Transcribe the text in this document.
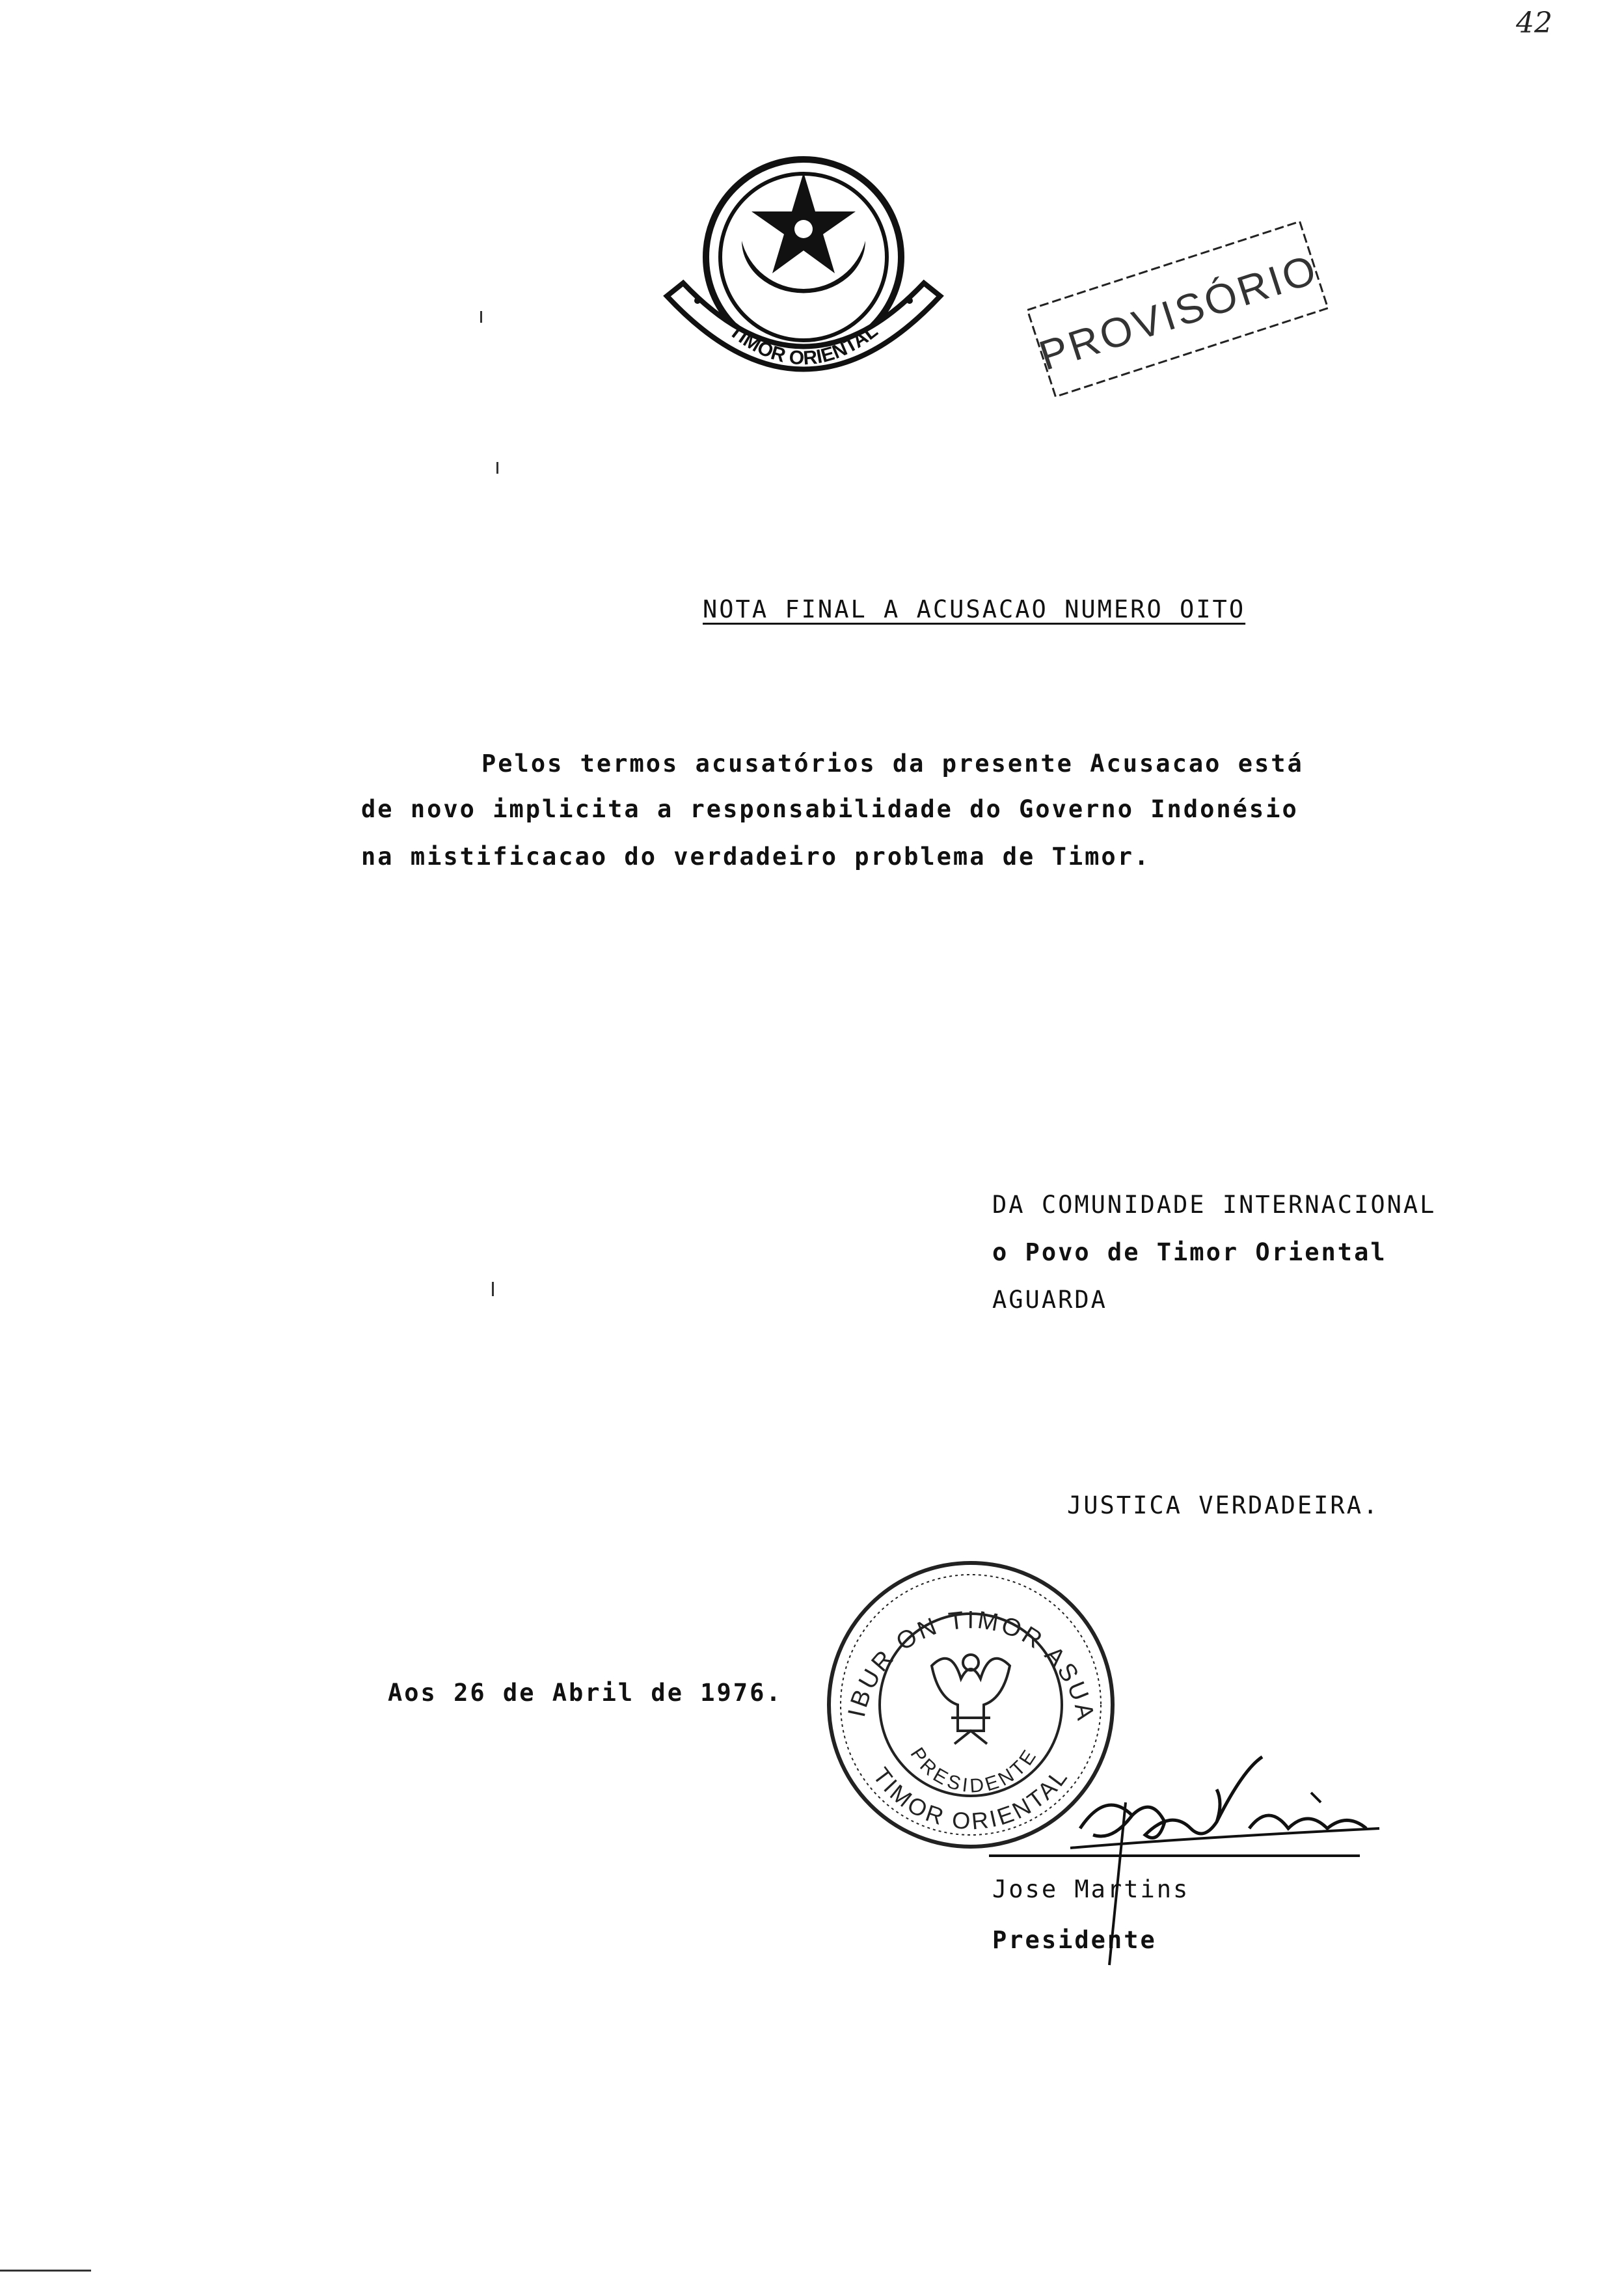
42
TIMOR ORIENTAL	PROVISÓRIO
NOTA FINAL A ACUSACAO NUMERO OITO
Pelos termos acusatórios da presente Acusacao está
de novo implicita a responsabilidade do Governo Indonésio
na mistificacao do verdadeiro problema de Timor.
DA COMUNIDADE INTERNACIONAL
o Povo de Timor Oriental
AGUARDA
JUSTICA VERDADEIRA.
Aos 26 de Abril de 1976.
KLIBUR ON TIMOR ASUAIN
TIMOR ORIENTAL
PRESIDENTE
Jose Martins
Presidente
